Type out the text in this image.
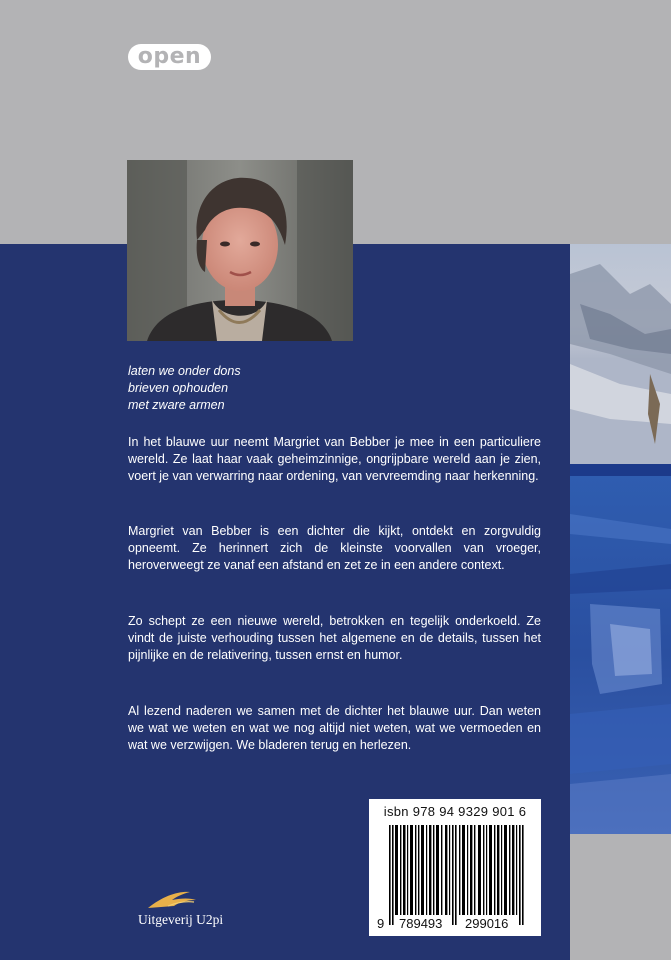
open
laten we onder dons
brieven ophouden
met zware armen

In het blauwe uur neemt Margriet van Bebber je mee in een particuliere wereld. Ze laat haar vaak geheimzinnige, ongrijpbare wereld aan je zien, voert je van verwarring naar ordening, van vervreemding naar herkenning.

Margriet van Bebber is een dichter die kijkt, ontdekt en zorgvuldig opneemt. Ze herinnert zich de kleinste voorvallen van vroeger, heroverweegt ze vanaf een afstand en zet ze in een andere context.

Zo schept ze een nieuwe wereld, betrokken en tegelijk onderkoeld. Ze vindt de juiste verhouding tussen het algemene en de details, tussen het pijnlijke en de relativering, tussen ernst en humor.

Al lezend naderen we samen met de dichter het blauwe uur. Dan weten we wat we weten en wat we nog altijd niet weten, wat we vermoeden en wat we verzwijgen. We bladeren terug en herlezen.

isbn 978 94 9329 901 6
9 789493 299016
Uitgeverij U2pi
